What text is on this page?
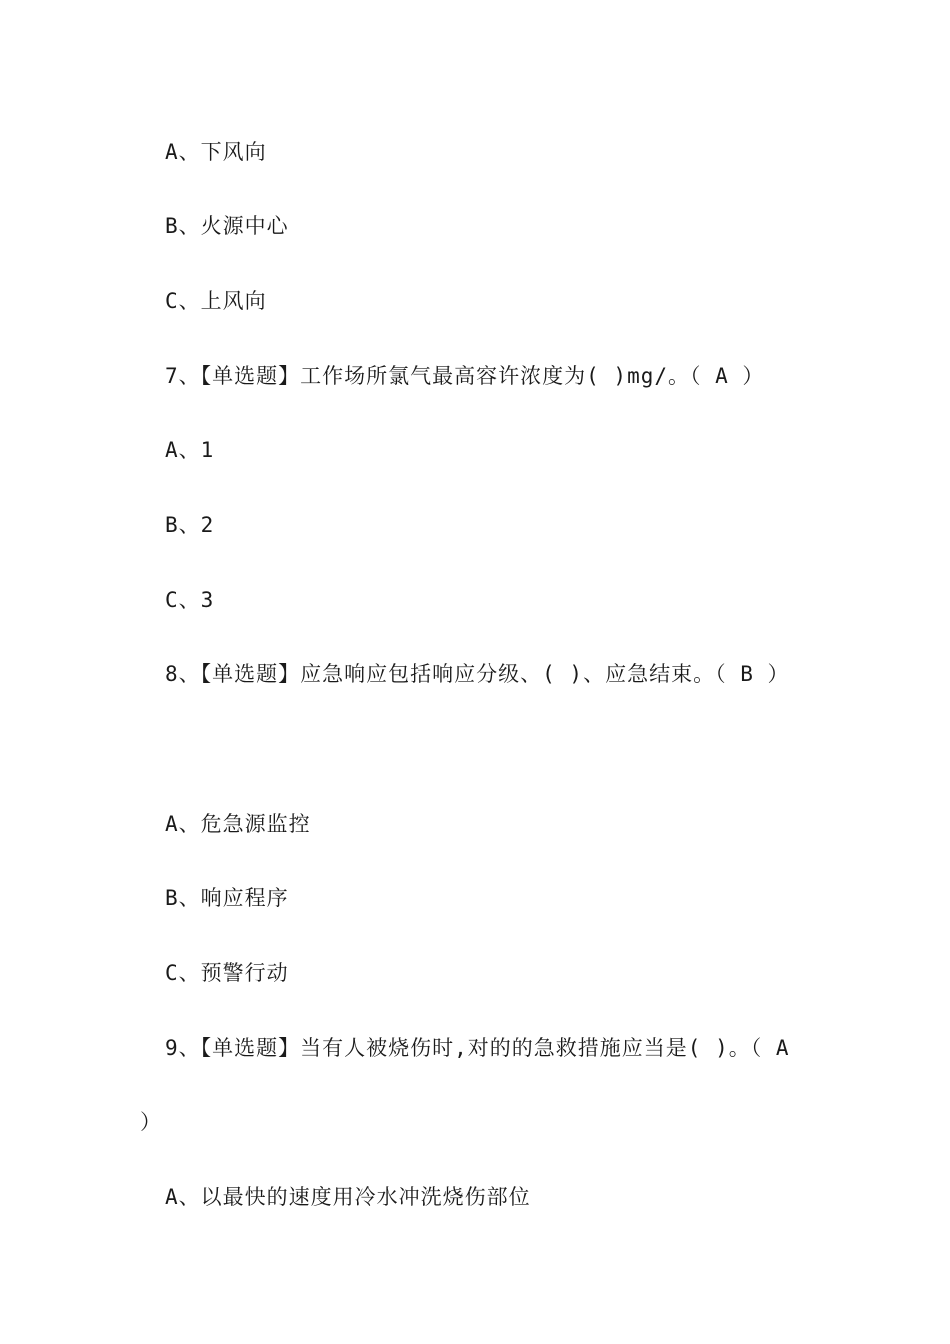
A、下风向
B、火源中心
C、上风向
7、【单选题】工作场所氯气最高容许浓度为( )mg/。（ A ）
A、1
B、2
C、3
8、【单选题】应急响应包括响应分级、( )、应急结束。（ B ）
A、危急源监控
B、响应程序
C、预警行动
9、【单选题】当有人被烧伤时,对的的急救措施应当是( )。（ A
）
A、以最快的速度用冷水冲洗烧伤部位
